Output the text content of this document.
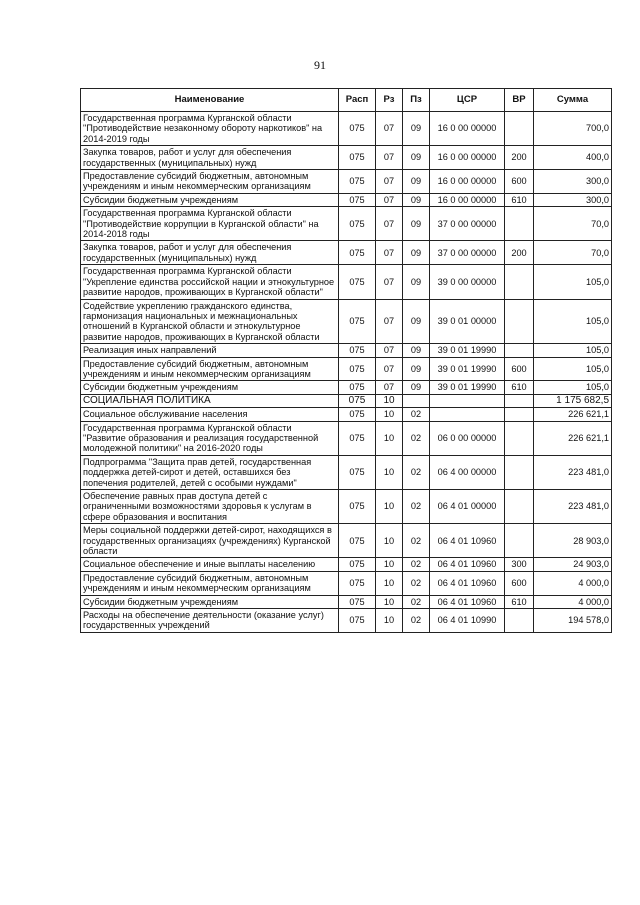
91
Наименование	Расп	Рз	Пз	ЦСР	ВР	Сумма
Государственная программа Курганской области "Противодействие незаконному обороту наркотиков" на 2014-2019 годы	075	07	09	16 0 00 00000		700,0
Закупка товаров, работ и услуг для обеспечения государственных (муниципальных) нужд	075	07	09	16 0 00 00000	200	400,0
Предоставление субсидий бюджетным, автономным учреждениям и иным некоммерческим организациям	075	07	09	16 0 00 00000	600	300,0
Субсидии бюджетным учреждениям	075	07	09	16 0 00 00000	610	300,0
Государственная программа Курганской области "Противодействие коррупции в Курганской области" на 2014-2018 годы	075	07	09	37 0 00 00000		70,0
Закупка товаров, работ и услуг для обеспечения государственных (муниципальных) нужд	075	07	09	37 0 00 00000	200	70,0
Государственная программа Курганской области "Укрепление единства российской нации и этнокультурное развитие народов, проживающих в Курганской области"	075	07	09	39 0 00 00000		105,0
Содействие укреплению гражданского единства, гармонизация национальных и межнациональных отношений в Курганской области и этнокультурное развитие народов, проживающих в Курганской области	075	07	09	39 0 01 00000		105,0
Реализация иных направлений	075	07	09	39 0 01 19990		105,0
Предоставление субсидий бюджетным, автономным учреждениям и иным некоммерческим организациям	075	07	09	39 0 01 19990	600	105,0
Субсидии бюджетным учреждениям	075	07	09	39 0 01 19990	610	105,0
СОЦИАЛЬНАЯ ПОЛИТИКА	075	10				1 175 682,5
Социальное обслуживание населения	075	10	02			226 621,1
Государственная программа Курганской области "Развитие образования и реализация государственной молодежной политики" на 2016-2020 годы	075	10	02	06 0 00 00000		226 621,1
Подпрограмма "Защита прав детей, государственная поддержка детей-сирот и детей, оставшихся без попечения родителей, детей с особыми нуждами"	075	10	02	06 4 00 00000		223 481,0
Обеспечение равных прав доступа детей с ограниченными возможностями здоровья к услугам в сфере образования и воспитания	075	10	02	06 4 01 00000		223 481,0
Меры социальной поддержки детей-сирот, находящихся в государственных организациях (учреждениях) Курганской области	075	10	02	06 4 01 10960		28 903,0
Социальное обеспечение и иные выплаты населению	075	10	02	06 4 01 10960	300	24 903,0
Предоставление субсидий бюджетным, автономным учреждениям и иным некоммерческим организациям	075	10	02	06 4 01 10960	600	4 000,0
Субсидии бюджетным учреждениям	075	10	02	06 4 01 10960	610	4 000,0
Расходы на обеспечение деятельности (оказание услуг) государственных учреждений	075	10	02	06 4 01 10990		194 578,0
